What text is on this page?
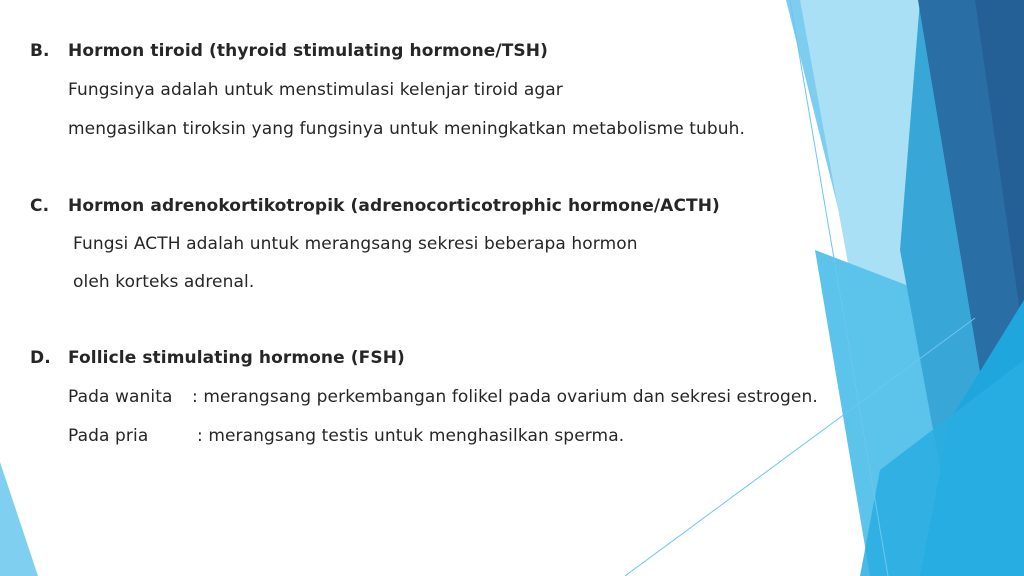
B. Hormon tiroid (thyroid stimulating hormone/TSH)
Fungsinya adalah untuk menstimulasi kelenjar tiroid agar
mengasilkan tiroksin yang fungsinya untuk meningkatkan metabolisme tubuh.
C. Hormon adrenokortikotropik (adrenocorticotrophic hormone/ACTH)
Fungsi ACTH adalah untuk merangsang sekresi beberapa hormon
oleh korteks adrenal.
D. Follicle stimulating hormone (FSH)
Pada wanita : merangsang perkembangan folikel pada ovarium dan sekresi estrogen.
Pada pria	: merangsang testis untuk menghasilkan sperma.
